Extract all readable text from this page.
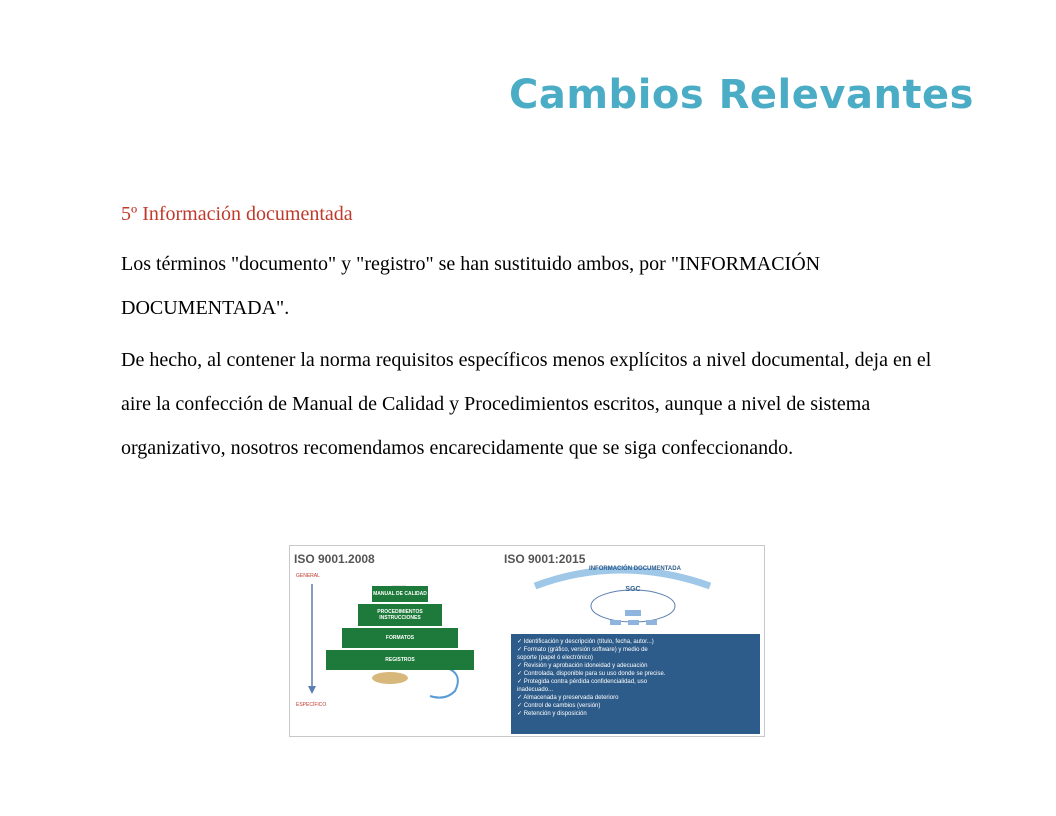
Cambios Relevantes
5º Información documentada
Los términos "documento" y "registro" se han sustituido ambos, por "INFORMACIÓN DOCUMENTADA".
De hecho, al contener la norma requisitos específicos menos explícitos a nivel documental, deja en el aire la confección de Manual de Calidad y Procedimientos escritos, aunque a nivel de sistema organizativo, nosotros recomendamos encarecidamente que se siga confeccionando.
ISO 9001.2008	ISO 9001:2015
GENERAL
ESPECÍFICO
MANUAL DE CALIDAD
PROCEDIMIENTOS INSTRUCCIONES
FORMATOS
REGISTROS
INFORMACIÓN DOCUMENTADA
SGC
✓ Identificación y descripción (título, fecha, autor...)
✓ Formato (gráfico, versión software) y medio de
soporte (papel ó electrónico)
✓ Revisión y aprobación idoneidad y adecuación
✓ Controlada, disponible para su uso donde se precise.
✓ Protegida contra pérdida confidencialidad, uso
inadecuado...
✓ Almacenada y preservada deterioro
✓ Control de cambios (versión)
✓ Retención y disposición
